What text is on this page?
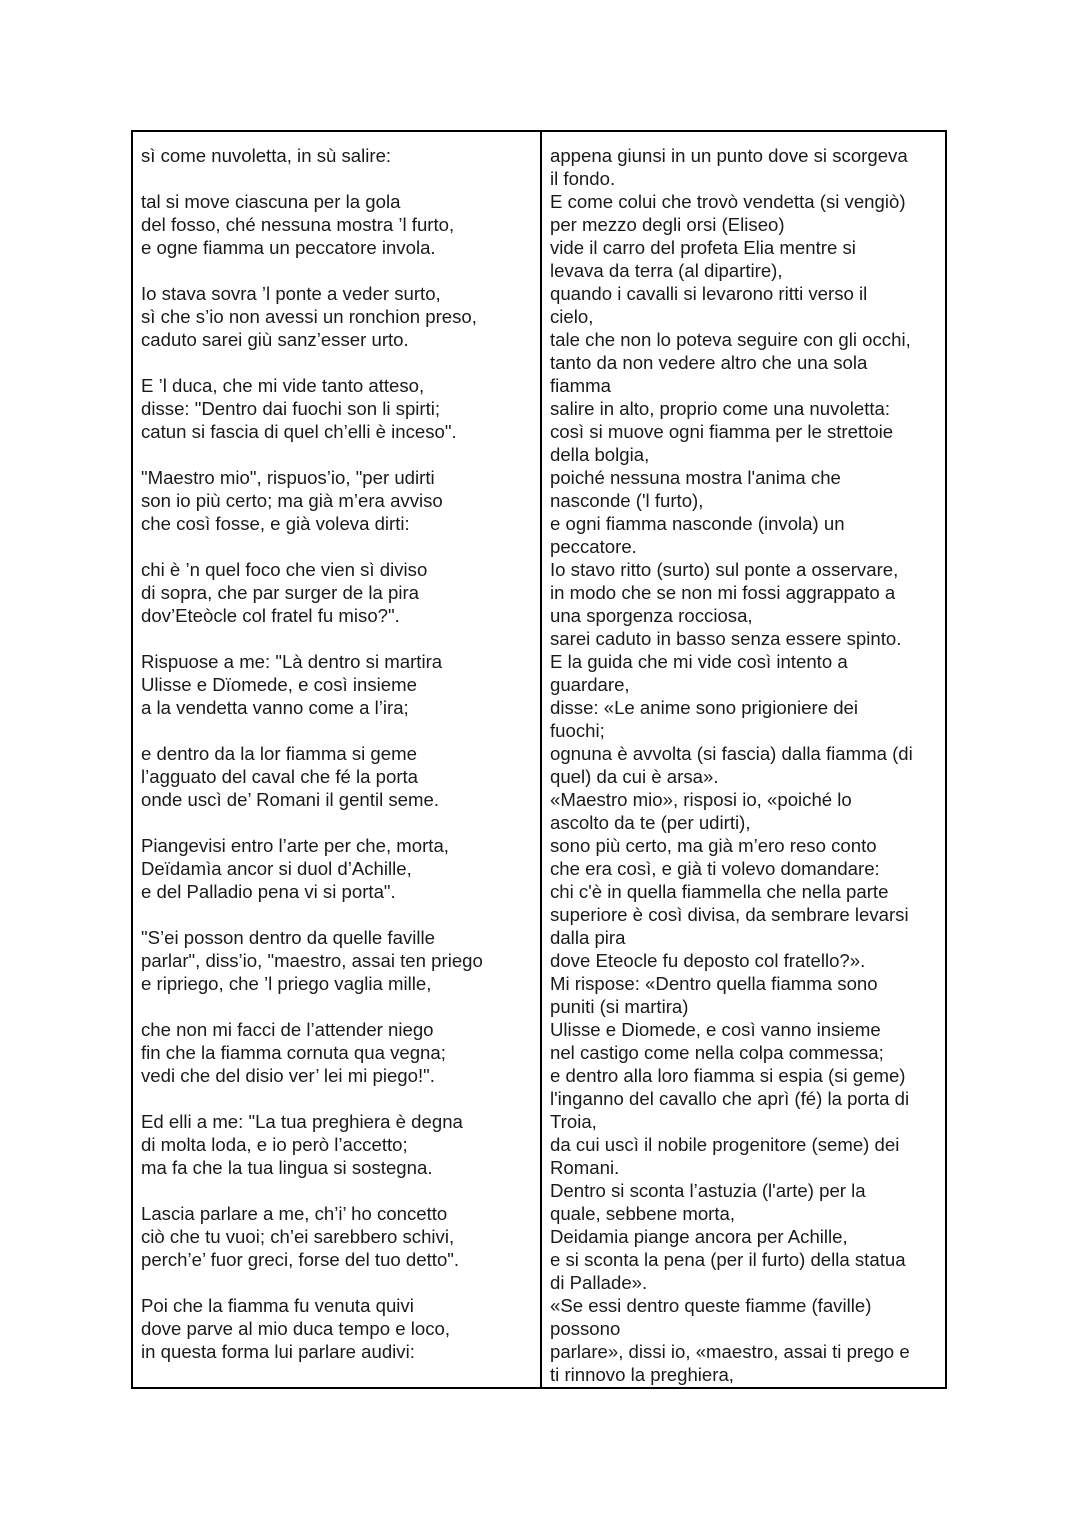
sì come nuvoletta, in sù salire:
tal si move ciascuna per la gola
del fosso, ché nessuna mostra ’l furto,
e ogne fiamma un peccatore invola.
Io stava sovra ’l ponte a veder surto,
sì che s’io non avessi un ronchion preso,
caduto sarei giù sanz’esser urto.
E ’l duca, che mi vide tanto atteso,
disse: "Dentro dai fuochi son li spirti;
catun si fascia di quel ch’elli è inceso".
"Maestro mio", rispuos’io, "per udirti
son io più certo; ma già m’era avviso
che così fosse, e già voleva dirti:
chi è ’n quel foco che vien sì diviso
di sopra, che par surger de la pira
dov’Eteòcle col fratel fu miso?".
Rispuose a me: "Là dentro si martira
Ulisse e Dïomede, e così insieme
a la vendetta vanno come a l’ira;
e dentro da la lor fiamma si geme
l’agguato del caval che fé la porta
onde uscì de’ Romani il gentil seme.
Piangevisi entro l’arte per che, morta,
Deïdamìa ancor si duol d’Achille,
e del Palladio pena vi si porta".
"S’ei posson dentro da quelle faville
parlar", diss’io, "maestro, assai ten priego
e ripriego, che ’l priego vaglia mille,
che non mi facci de l’attender niego
fin che la fiamma cornuta qua vegna;
vedi che del disio ver’ lei mi piego!".
Ed elli a me: "La tua preghiera è degna
di molta loda, e io però l’accetto;
ma fa che la tua lingua si sostegna.
Lascia parlare a me, ch’i’ ho concetto
ciò che tu vuoi; ch’ei sarebbero schivi,
perch’e’ fuor greci, forse del tuo detto".
Poi che la fiamma fu venuta quivi
dove parve al mio duca tempo e loco,
in questa forma lui parlare audivi:
appena giunsi in un punto dove si scorgeva
il fondo.
E come colui che trovò vendetta (si vengiò)
per mezzo degli orsi (Eliseo)
vide il carro del profeta Elia mentre si
levava da terra (al dipartire),
quando i cavalli si levarono ritti verso il
cielo,
tale che non lo poteva seguire con gli occhi,
tanto da non vedere altro che una sola
fiamma
salire in alto, proprio come una nuvoletta:
così si muove ogni fiamma per le strettoie
della bolgia,
poiché nessuna mostra l'anima che
nasconde ('l furto),
e ogni fiamma nasconde (invola) un
peccatore.
Io stavo ritto (surto) sul ponte a osservare,
in modo che se non mi fossi aggrappato a
una sporgenza rocciosa,
sarei caduto in basso senza essere spinto.
E la guida che mi vide così intento a
guardare,
disse: «Le anime sono prigioniere dei
fuochi;
ognuna è avvolta (si fascia) dalla fiamma (di
quel) da cui è arsa».
«Maestro mio», risposi io, «poiché lo
ascolto da te (per udirti),
sono più certo, ma già m’ero reso conto
che era così, e già ti volevo domandare:
chi c'è in quella fiammella che nella parte
superiore è così divisa, da sembrare levarsi
dalla pira
dove Eteocle fu deposto col fratello?».
Mi rispose: «Dentro quella fiamma sono
puniti (si martira)
Ulisse e Diomede, e così vanno insieme
nel castigo come nella colpa commessa;
e dentro alla loro fiamma si espia (si geme)
l'inganno del cavallo che aprì (fé) la porta di
Troia,
da cui uscì il nobile progenitore (seme) dei
Romani.
Dentro si sconta l’astuzia (l'arte) per la
quale, sebbene morta,
Deidamia piange ancora per Achille,
e si sconta la pena (per il furto) della statua
di Pallade».
«Se essi dentro queste fiamme (faville)
possono
parlare», dissi io, «maestro, assai ti prego e
ti rinnovo la preghiera,
